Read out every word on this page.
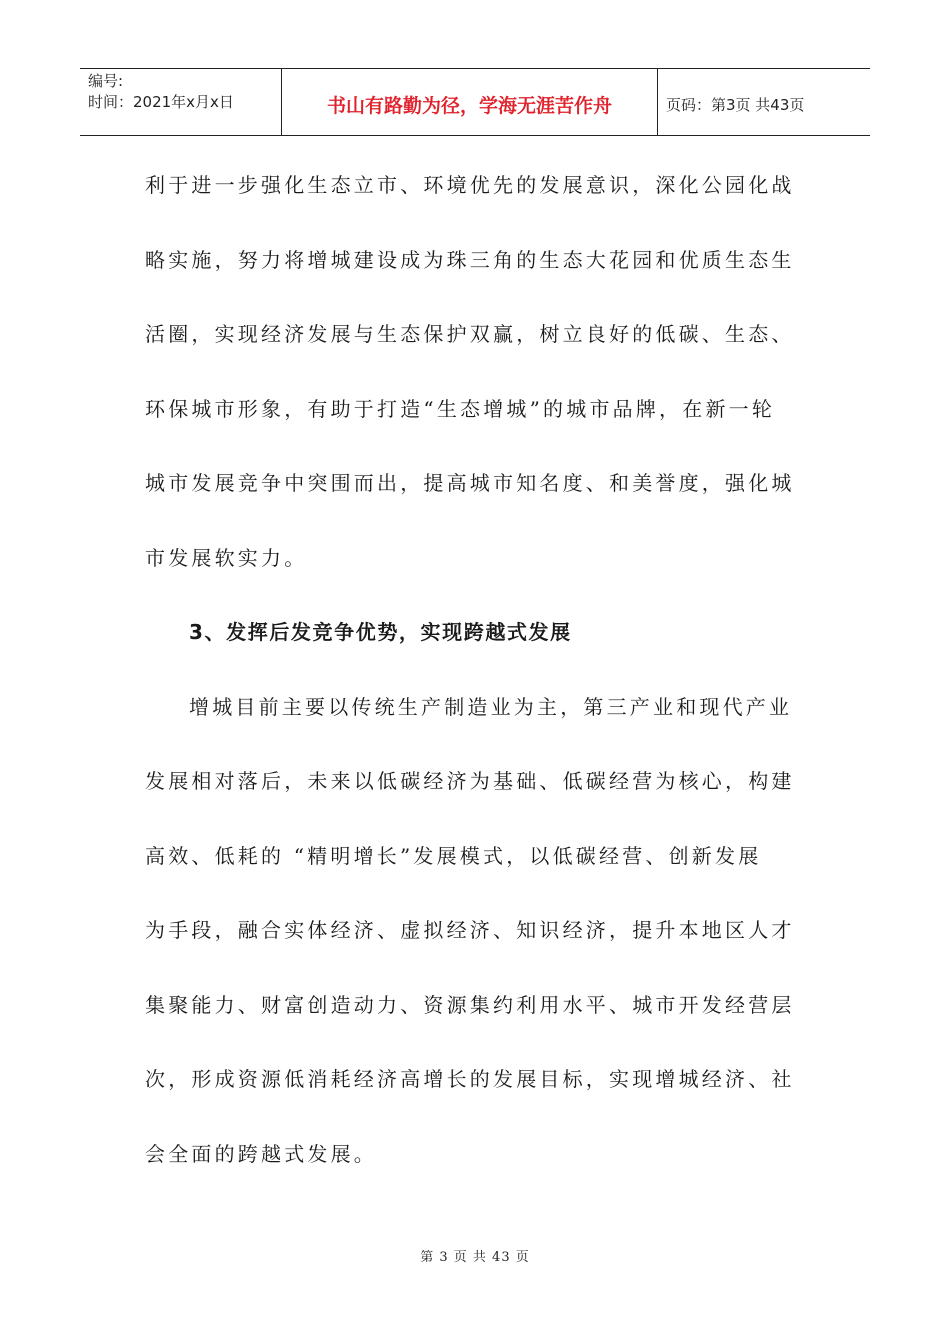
编号:
时间：2021年x月x日	书山有路勤为径，学海无涯苦作舟	页码：第3页 共43页
利于进一步强化生态立市、环境优先的发展意识，深化公园化战
略实施，努力将增城建设成为珠三角的生态大花园和优质生态生
活圈，实现经济发展与生态保护双赢，树立良好的低碳、生态、
环保城市形象，有助于打造“生态增城”的城市品牌，在新一轮
城市发展竞争中突围而出，提高城市知名度、和美誉度，强化城
市发展软实力。
3、发挥后发竞争优势，实现跨越式发展
增城目前主要以传统生产制造业为主，第三产业和现代产业
发展相对落后，未来以低碳经济为基础、低碳经营为核心，构建
高效、低耗的 “精明增长”发展模式，以低碳经营、创新发展
为手段，融合实体经济、虚拟经济、知识经济，提升本地区人才
集聚能力、财富创造动力、资源集约利用水平、城市开发经营层
次，形成资源低消耗经济高增长的发展目标，实现增城经济、社
会全面的跨越式发展。
第 3 页 共 43 页
